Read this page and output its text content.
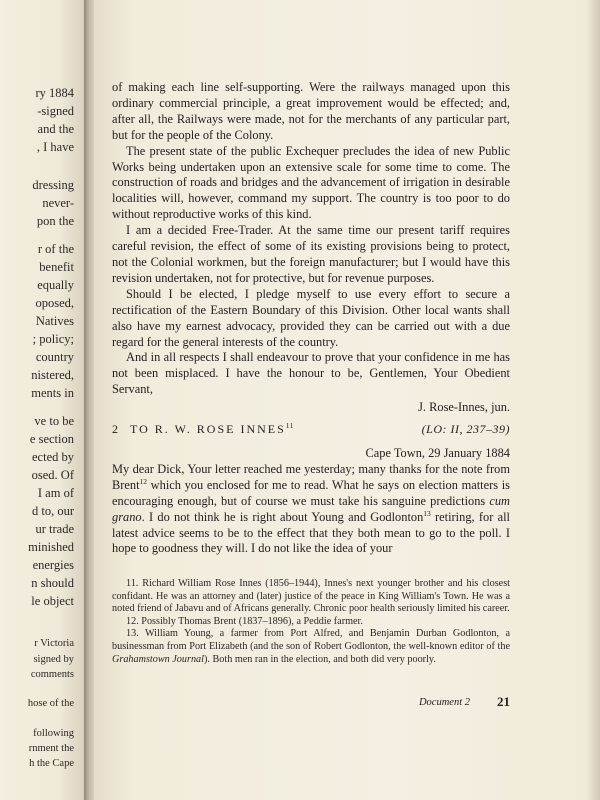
ry 1884
-signed
and the
, I have
dressing
never-
pon the
r of the
benefit
equally
oposed,
Natives
; policy;
country
nistered,
ments in
ve to be
e section
ected by
osed. Of
I am of
d to, our
ur trade
minished
energies
n should
le object
r Victoria
signed by
comments
hose of the
following
rnment the
h the Cape

of making each line self-supporting. Were the railways managed upon this ordinary commercial principle, a great improvement would be effected; and, after all, the Railways were made, not for the merchants of any particular part, but for the people of the Colony.

The present state of the public Exchequer precludes the idea of new Public Works being undertaken upon an extensive scale for some time to come. The construction of roads and bridges and the advancement of irrigation in desirable localities will, however, command my support. The country is too poor to do without reproductive works of this kind.

I am a decided Free-Trader. At the same time our present tariff requires careful revision, the effect of some of its existing provisions being to protect, not the Colonial workmen, but the foreign manufacturer; but I would have this revision undertaken, not for protective, but for revenue purposes.

Should I be elected, I pledge myself to use every effort to secure a rectification of the Eastern Boundary of this Division. Other local wants shall also have my earnest advocacy, provided they can be carried out with a due regard for the general interests of the country.

And in all respects I shall endeavour to prove that your confidence in me has not been misplaced. I have the honour to be, Gentlemen, Your Obedient Servant,

J. Rose-Innes, jun.

2 TO R. W. ROSE INNES$^{11}$	(LO: II, 237–39)

Cape Town, 29 January 1884

My dear Dick, Your letter reached me yesterday; many thanks for the note from Brent$^{12}$ which you enclosed for me to read. What he says on election matters is encouraging enough, but of course we must take his sanguine predictions cum grano. I do not think he is right about Young and Godlonton$^{13}$ retiring, for all latest advice seems to be to the effect that they both mean to go to the poll. I hope to goodness they will. I do not like the idea of your

11. Richard William Rose Innes (1856–1944), Innes's next younger brother and his closest confidant. He was an attorney and (later) justice of the peace in King William's Town. He was a noted friend of Jabavu and of Africans generally. Chronic poor health seriously limited his career.

12. Possibly Thomas Brent (1837–1896), a Peddie farmer.

13. William Young, a farmer from Port Alfred, and Benjamin Durban Godlonton, a businessman from Port Elizabeth (and the son of Robert Godlonton, the well-known editor of the Grahamstown Journal). Both men ran in the election, and both did very poorly.

Document 2 21
